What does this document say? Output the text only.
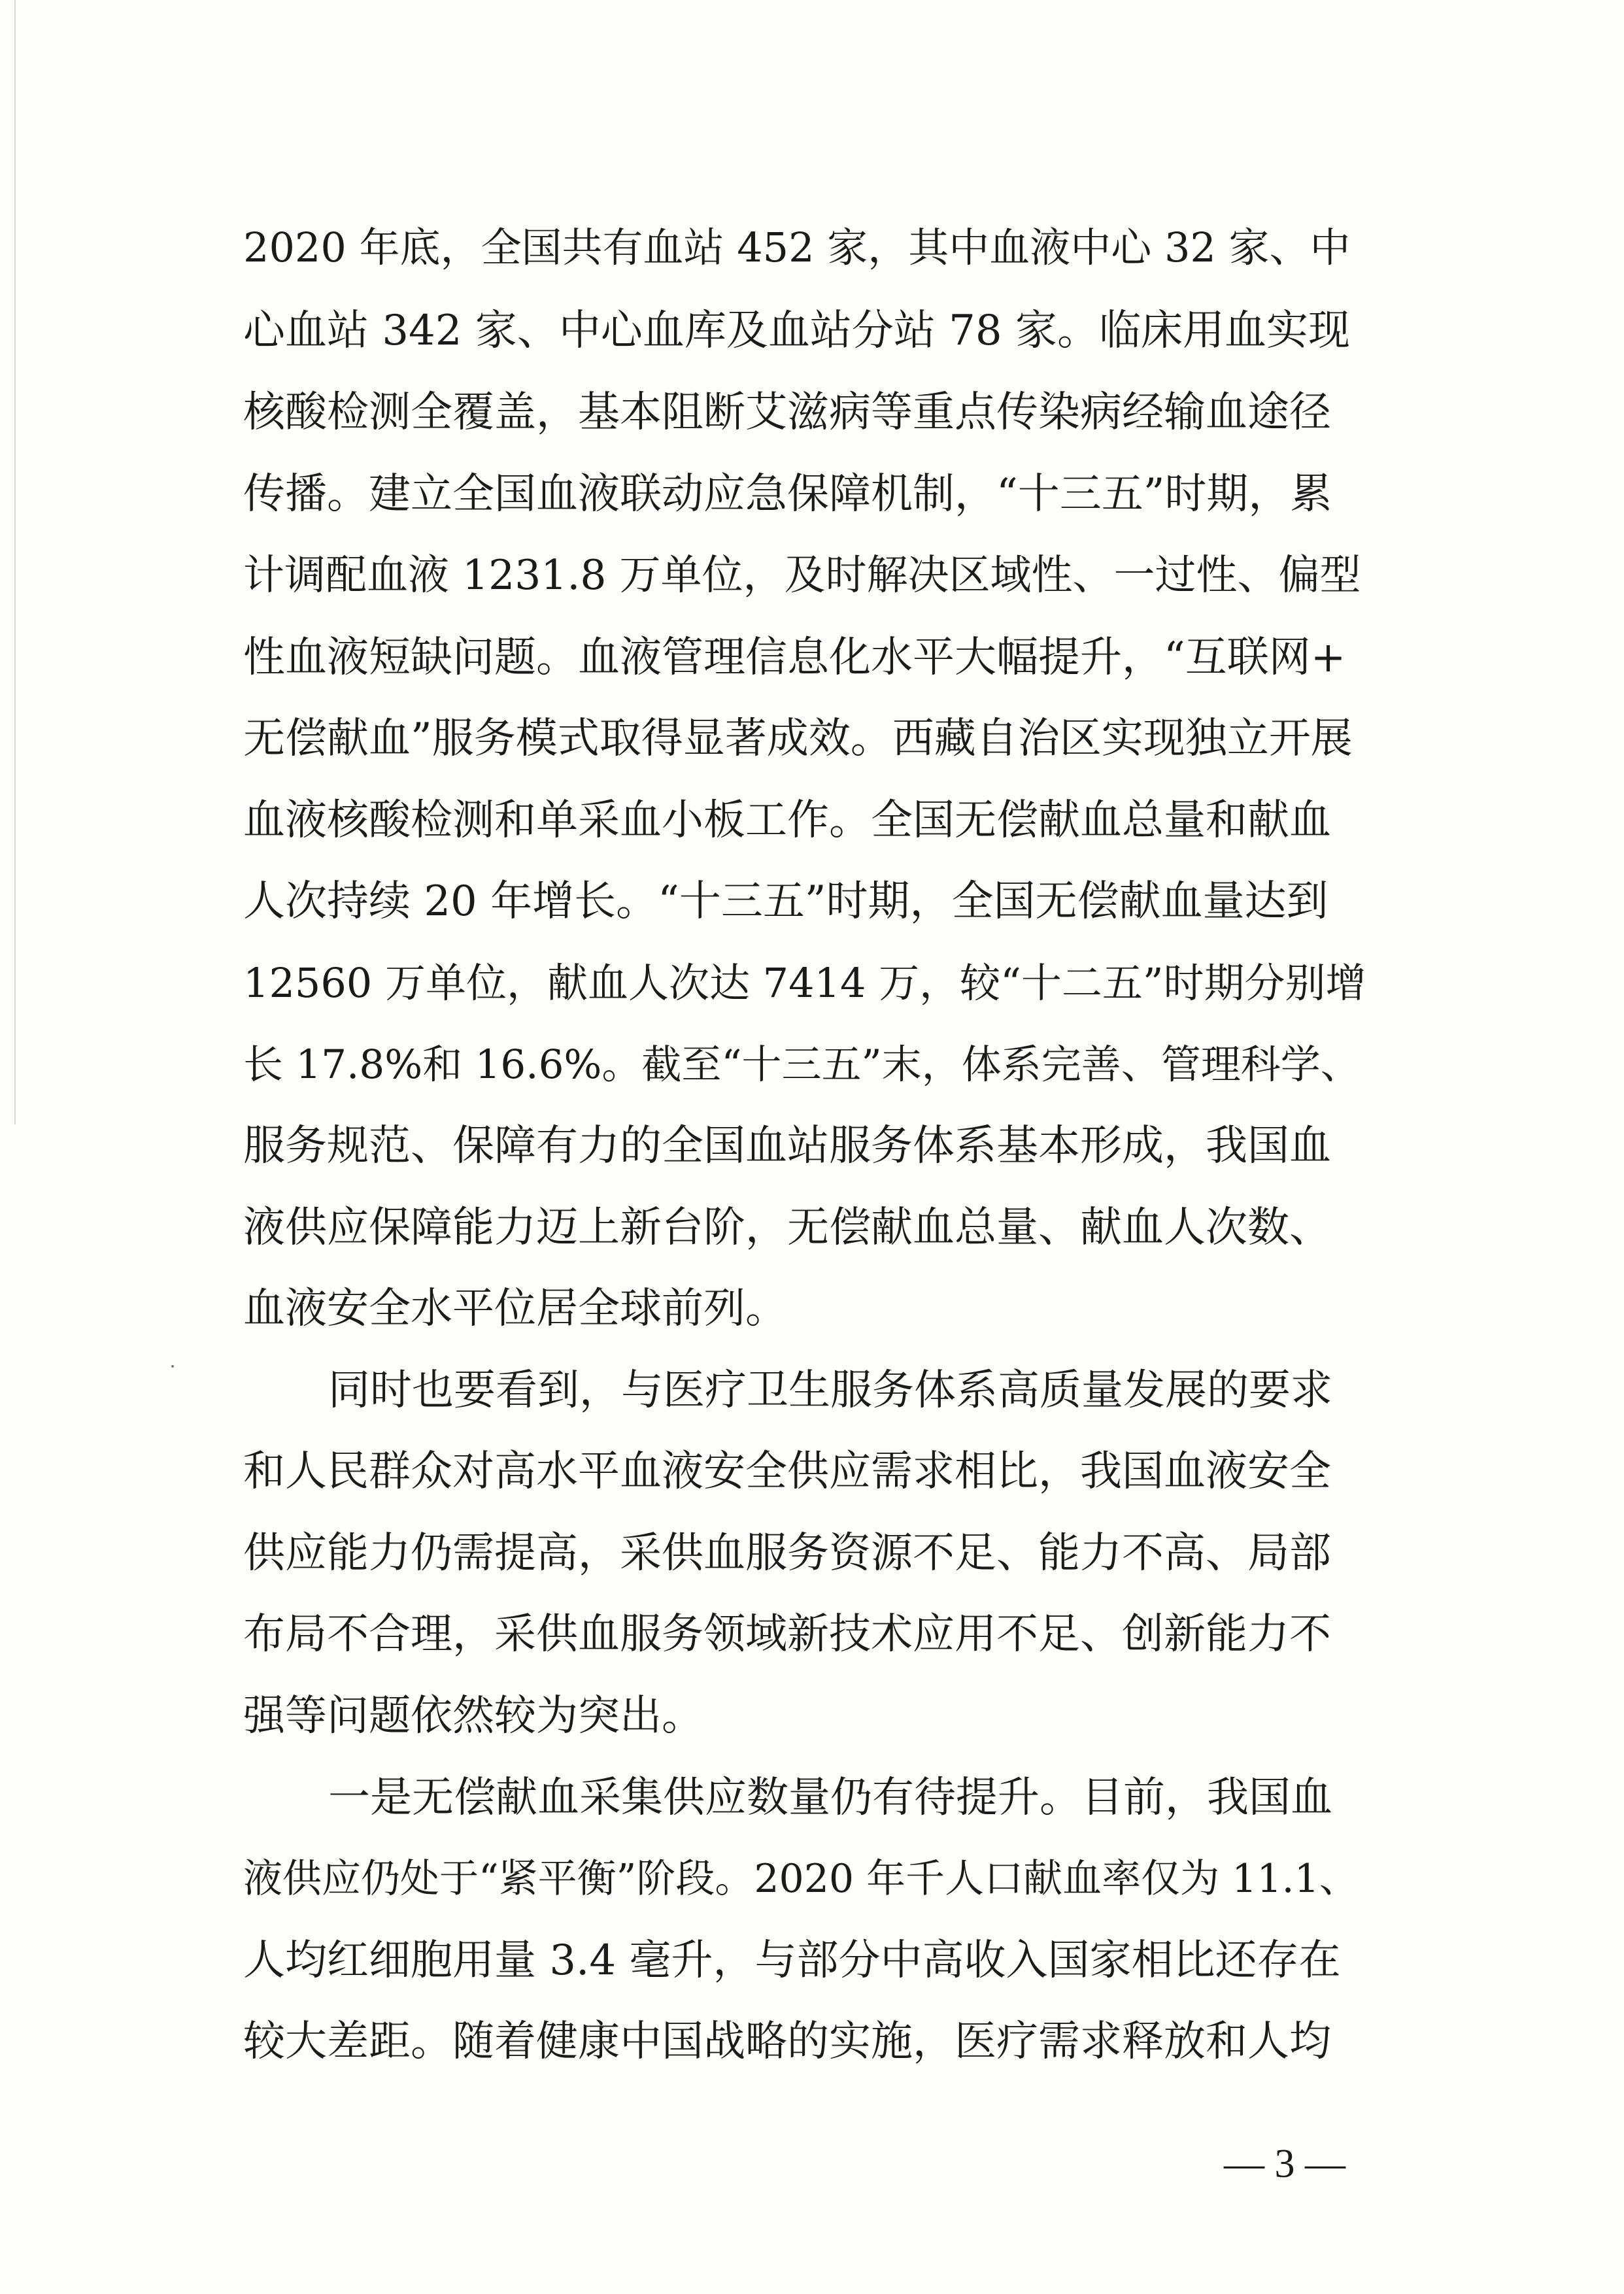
2020 年底，全国共有血站 452 家，其中血液中心 32 家、中
心血站 342 家、中心血库及血站分站 78 家。临床用血实现
核酸检测全覆盖，基本阻断艾滋病等重点传染病经输血途径
传播。建立全国血液联动应急保障机制，“十三五”时期，累
计调配血液 1231.8 万单位，及时解决区域性、一过性、偏型
性血液短缺问题。血液管理信息化水平大幅提升，“互联网+
无偿献血”服务模式取得显著成效。西藏自治区实现独立开展
血液核酸检测和单采血小板工作。全国无偿献血总量和献血
人次持续 20 年增长。“十三五”时期，全国无偿献血量达到
12560 万单位，献血人次达 7414 万，较“十二五”时期分别增
长 17.8%和 16.6%。截至“十三五”末，体系完善、管理科学、
服务规范、保障有力的全国血站服务体系基本形成，我国血
液供应保障能力迈上新台阶，无偿献血总量、献血人次数、
血液安全水平位居全球前列。
同时也要看到，与医疗卫生服务体系高质量发展的要求
和人民群众对高水平血液安全供应需求相比，我国血液安全
供应能力仍需提高，采供血服务资源不足、能力不高、局部
布局不合理，采供血服务领域新技术应用不足、创新能力不
强等问题依然较为突出。
一是无偿献血采集供应数量仍有待提升。目前，我国血
液供应仍处于“紧平衡”阶段。2020 年千人口献血率仅为 11.1、
人均红细胞用量 3.4 毫升，与部分中高收入国家相比还存在
较大差距。随着健康中国战略的实施，医疗需求释放和人均
— 3 —
